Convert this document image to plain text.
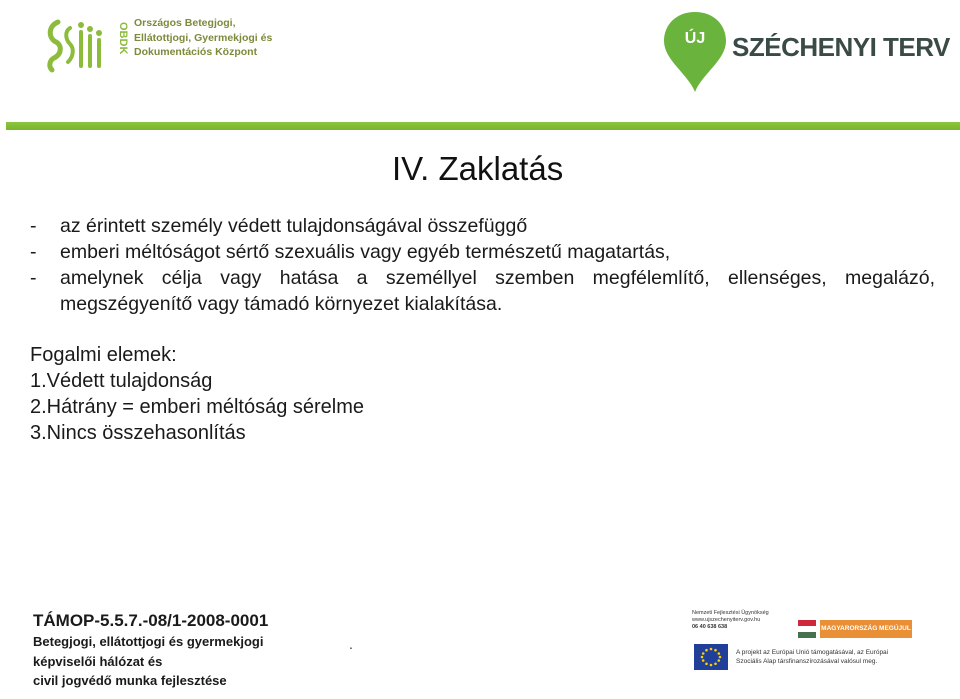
OBDK Országos Betegjogi,
Ellátottjogi, Gyermekjogi és
Dokumentációs Központ
ÚJ SZÉCHENYI TERV
IV. Zaklatás
- az érintett személy védett tulajdonságával összefüggő
- emberi méltóságot sértő szexuális vagy egyéb természetű magatartás,
- amelynek célja vagy hatása a személlyel szemben megfélemlítő, ellenséges, megalázó, megszégyenítő vagy támadó környezet kialakítása.
Fogalmi elemek:
1.Védett tulajdonság
2.Hátrány = emberi méltóság sérelme
3.Nincs összehasonlítás
TÁMOP-5.5.7.-08/1-2008-0001
Betegjogi, ellátottjogi és gyermekjogi
képviselői hálózat és
civil jogvédő munka fejlesztése
.
Nemzeti Fejlesztési Ügynökség
www.ujszechenyiterv.gov.hu
06 40 638 638	MAGYARORSZÁG MEGÚJUL
A projekt az Európai Unió támogatásával, az Európai
Szociális Alap társfinanszírozásával valósul meg.
